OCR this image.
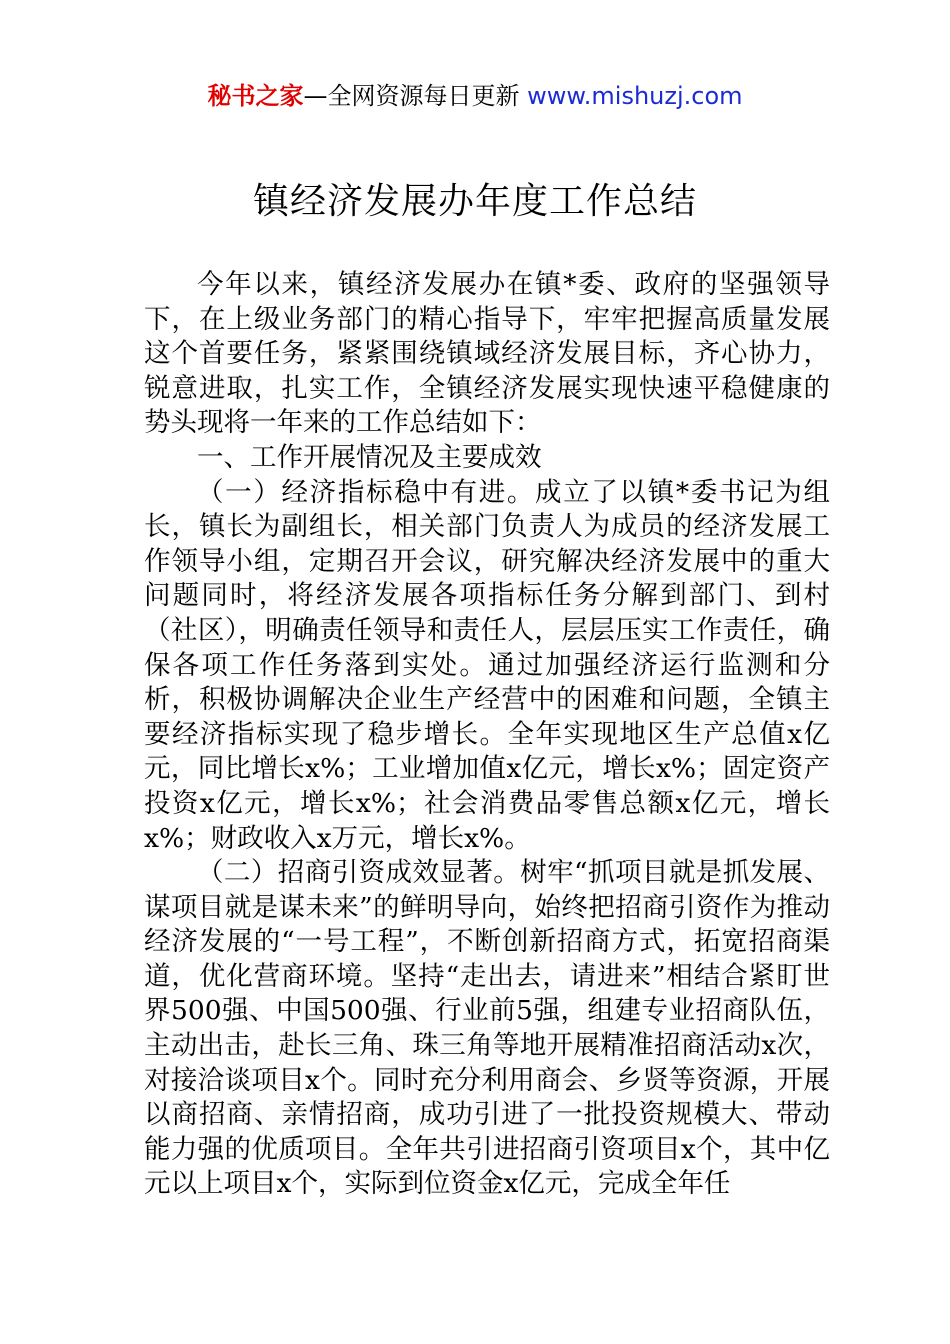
秘书之家—全网资源每日更新 www.mishuzj.com
镇经济发展办年度工作总结

今年以来，镇经济发展办在镇*委、政府的坚强领导下，在上级业务部门的精心指导下，牢牢把握高质量发展这个首要任务，紧紧围绕镇域经济发展目标，齐心协力，锐意进取，扎实工作，全镇经济发展实现快速平稳健康的势头现将一年来的工作总结如下：

一、工作开展情况及主要成效

（一）经济指标稳中有进。成立了以镇*委书记为组长，镇长为副组长，相关部门负责人为成员的经济发展工作领导小组，定期召开会议，研究解决经济发展中的重大问题同时，将经济发展各项指标任务分解到部门、到村（社区），明确责任领导和责任人，层层压实工作责任，确保各项工作任务落到实处。通过加强经济运行监测和分析，积极协调解决企业生产经营中的困难和问题，全镇主要经济指标实现了稳步增长。全年实现地区生产总值x亿元，同比增长x%；工业增加值x亿元，增长x%；固定资产投资x亿元，增长x%；社会消费品零售总额x亿元，增长x%；财政收入x万元，增长x%。

（二）招商引资成效显著。树牢“抓项目就是抓发展、谋项目就是谋未来”的鲜明导向，始终把招商引资作为推动经济发展的“一号工程”，不断创新招商方式，拓宽招商渠道，优化营商环境。坚持“走出去，请进来”相结合紧盯世界500强、中国500强、行业前5强，组建专业招商队伍，主动出击，赴长三角、珠三角等地开展精准招商活动x次，对接洽谈项目x个。同时充分利用商会、乡贤等资源，开展以商招商、亲情招商，成功引进了一批投资规模大、带动能力强的优质项目。全年共引进招商引资项目x个，其中亿元以上项目x个，实际到位资金x亿元，完成全年任
